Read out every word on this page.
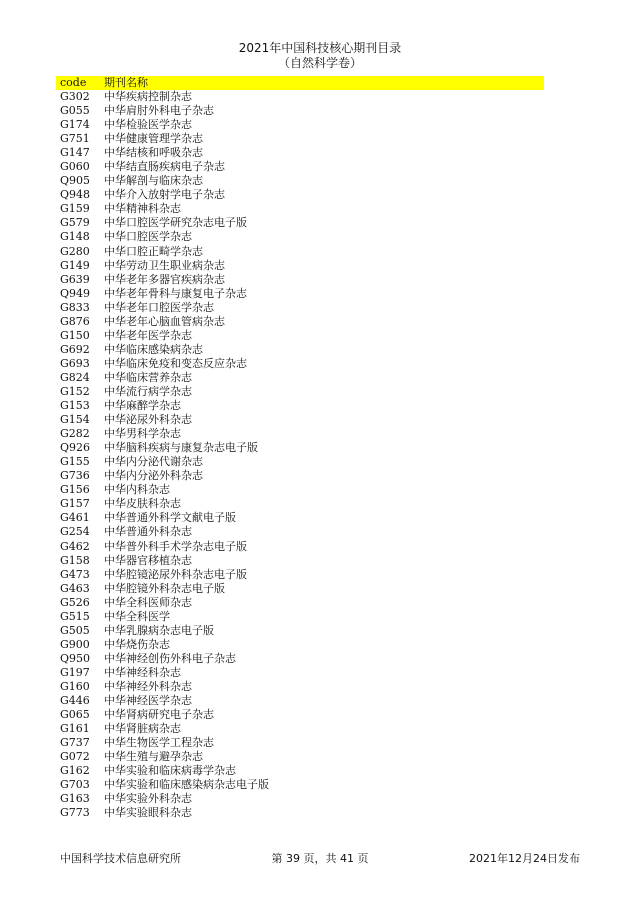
2021年中国科技核心期刊目录
（自然科学卷）
code 期刊名称
G302 中华疾病控制杂志
G055 中华肩肘外科电子杂志
G174 中华检验医学杂志
G751 中华健康管理学杂志
G147 中华结核和呼吸杂志
G060 中华结直肠疾病电子杂志
Q905 中华解剖与临床杂志
Q948 中华介入放射学电子杂志
G159 中华精神科杂志
G579 中华口腔医学研究杂志电子版
G148 中华口腔医学杂志
G280 中华口腔正畸学杂志
G149 中华劳动卫生职业病杂志
G639 中华老年多器官疾病杂志
Q949 中华老年骨科与康复电子杂志
G833 中华老年口腔医学杂志
G876 中华老年心脑血管病杂志
G150 中华老年医学杂志
G692 中华临床感染病杂志
G693 中华临床免疫和变态反应杂志
G824 中华临床营养杂志
G152 中华流行病学杂志
G153 中华麻醉学杂志
G154 中华泌尿外科杂志
G282 中华男科学杂志
Q926 中华脑科疾病与康复杂志电子版
G155 中华内分泌代谢杂志
G736 中华内分泌外科杂志
G156 中华内科杂志
G157 中华皮肤科杂志
G461 中华普通外科学文献电子版
G254 中华普通外科杂志
G462 中华普外科手术学杂志电子版
G158 中华器官移植杂志
G473 中华腔镜泌尿外科杂志电子版
G463 中华腔镜外科杂志电子版
G526 中华全科医师杂志
G515 中华全科医学
G505 中华乳腺病杂志电子版
G900 中华烧伤杂志
Q950 中华神经创伤外科电子杂志
G197 中华神经科杂志
G160 中华神经外科杂志
G446 中华神经医学杂志
G065 中华肾病研究电子杂志
G161 中华肾脏病杂志
G737 中华生物医学工程杂志
G072 中华生殖与避孕杂志
G162 中华实验和临床病毒学杂志
G703 中华实验和临床感染病杂志电子版
G163 中华实验外科杂志
G773 中华实验眼科杂志
中国科学技术信息研究所	第 39 页，共 41 页	2021年12月24日发布
